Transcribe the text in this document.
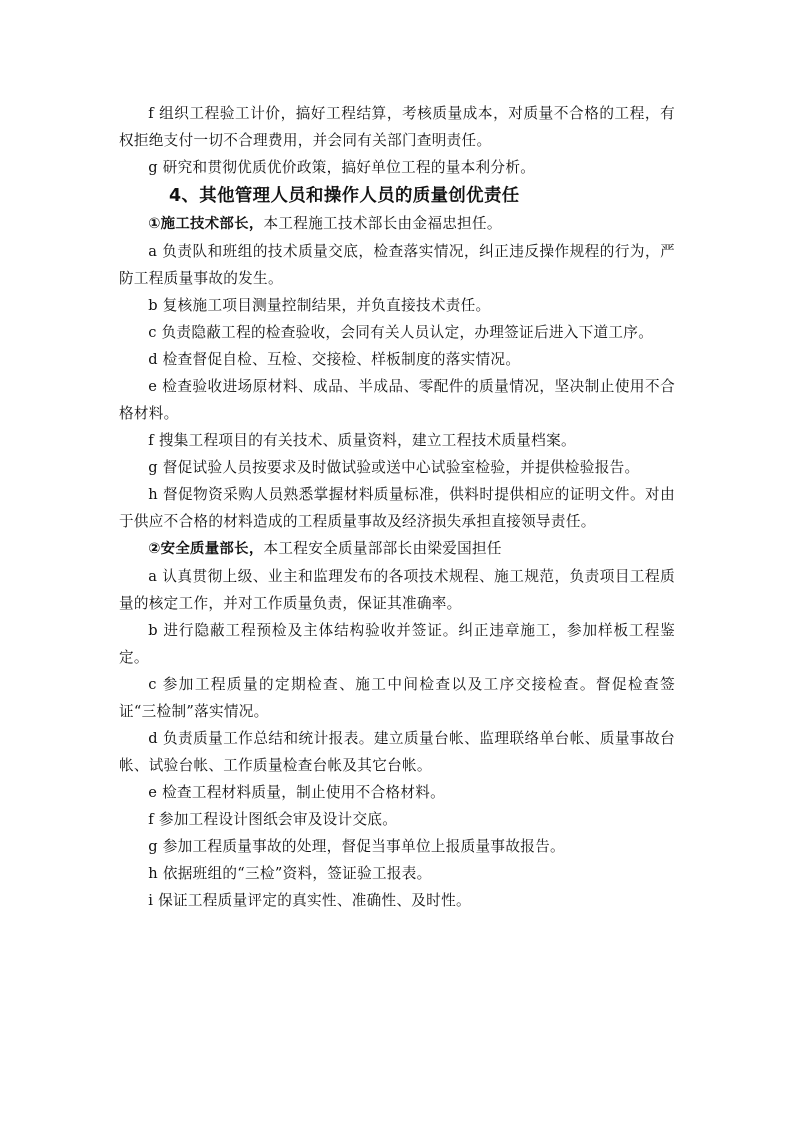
f 组织工程验工计价，搞好工程结算，考核质量成本，对质量不合格的工程，有权拒绝支付一切不合理费用，并会同有关部门查明责任。

g 研究和贯彻优质优价政策，搞好单位工程的量本利分析。

4、其他管理人员和操作人员的质量创优责任

①施工技术部长，本工程施工技术部长由金福忠担任。

a 负责队和班组的技术质量交底，检查落实情况，纠正违反操作规程的行为，严防工程质量事故的发生。

b 复核施工项目测量控制结果，并负直接技术责任。

c 负责隐蔽工程的检查验收，会同有关人员认定，办理签证后进入下道工序。

d 检查督促自检、互检、交接检、样板制度的落实情况。

e 检查验收进场原材料、成品、半成品、零配件的质量情况，坚决制止使用不合格材料。

f 搜集工程项目的有关技术、质量资料，建立工程技术质量档案。

g 督促试验人员按要求及时做试验或送中心试验室检验，并提供检验报告。

h 督促物资采购人员熟悉掌握材料质量标准，供料时提供相应的证明文件。对由于供应不合格的材料造成的工程质量事故及经济损失承担直接领导责任。

②安全质量部长，本工程安全质量部部长由梁爱国担任

a 认真贯彻上级、业主和监理发布的各项技术规程、施工规范，负责项目工程质量的核定工作，并对工作质量负责，保证其准确率。

b 进行隐蔽工程预检及主体结构验收并签证。纠正违章施工，参加样板工程鉴定。

c 参加工程质量的定期检查、施工中间检查以及工序交接检查。督促检查签证“三检制”落实情况。

d 负责质量工作总结和统计报表。建立质量台帐、监理联络单台帐、质量事故台帐、试验台帐、工作质量检查台帐及其它台帐。

e 检查工程材料质量，制止使用不合格材料。

f 参加工程设计图纸会审及设计交底。

g 参加工程质量事故的处理，督促当事单位上报质量事故报告。

h 依据班组的“三检”资料，签证验工报表。

i 保证工程质量评定的真实性、准确性、及时性。
